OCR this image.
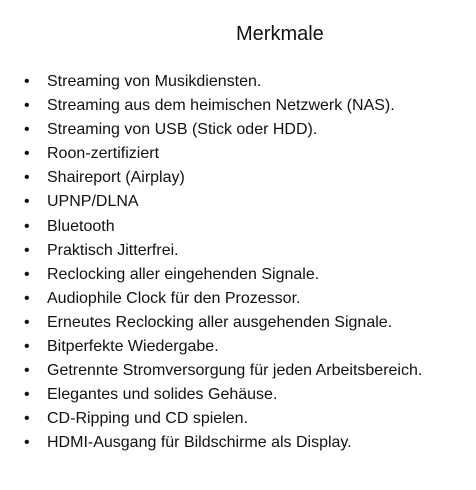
Merkmale
• Streaming von Musikdiensten.
• Streaming aus dem heimischen Netzwerk (NAS).
• Streaming von USB (Stick oder HDD).
• Roon-zertifiziert
• Shaireport (Airplay)
• UPNP/DLNA
• Bluetooth
• Praktisch Jitterfrei.
• Reclocking aller eingehenden Signale.
• Audiophile Clock für den Prozessor.
• Erneutes Reclocking aller ausgehenden Signale.
• Bitperfekte Wiedergabe.
• Getrennte Stromversorgung für jeden Arbeitsbereich.
• Elegantes und solides Gehäuse.
• CD-Ripping und CD spielen.
• HDMI-Ausgang für Bildschirme als Display.
